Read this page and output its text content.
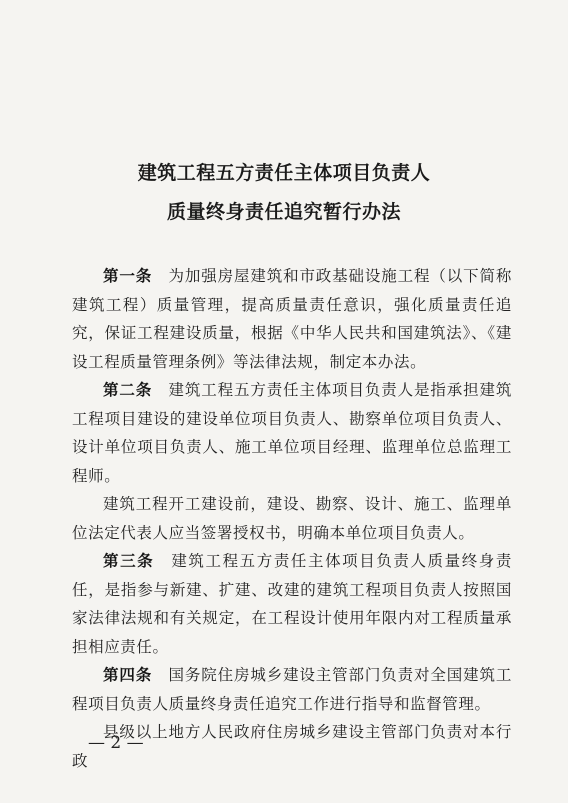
建筑工程五方责任主体项目负责人
质量终身责任追究暂行办法

第一条　 为加强房屋建筑和市政基础设施工程（以下简称建筑工程）质量管理，提高质量责任意识，强化质量责任追究，保证工程建设质量，根据《中华人民共和国建筑法》、《建设工程质量管理条例》等法律法规，制定本办法。

第二条　 建筑工程五方责任主体项目负责人是指承担建筑工程项目建设的建设单位项目负责人、勘察单位项目负责人、设计单位项目负责人、施工单位项目经理、监理单位总监理工程师。

建筑工程开工建设前，建设、勘察、设计、施工、监理单位法定代表人应当签署授权书，明确本单位项目负责人。

第三条　 建筑工程五方责任主体项目负责人质量终身责任，是指参与新建、扩建、改建的建筑工程项目负责人按照国家法律法规和有关规定，在工程设计使用年限内对工程质量承担相应责任。

第四条　 国务院住房城乡建设主管部门负责对全国建筑工程项目负责人质量终身责任追究工作进行指导和监督管理。

县级以上地方人民政府住房城乡建设主管部门负责对本行政

— 2 —
